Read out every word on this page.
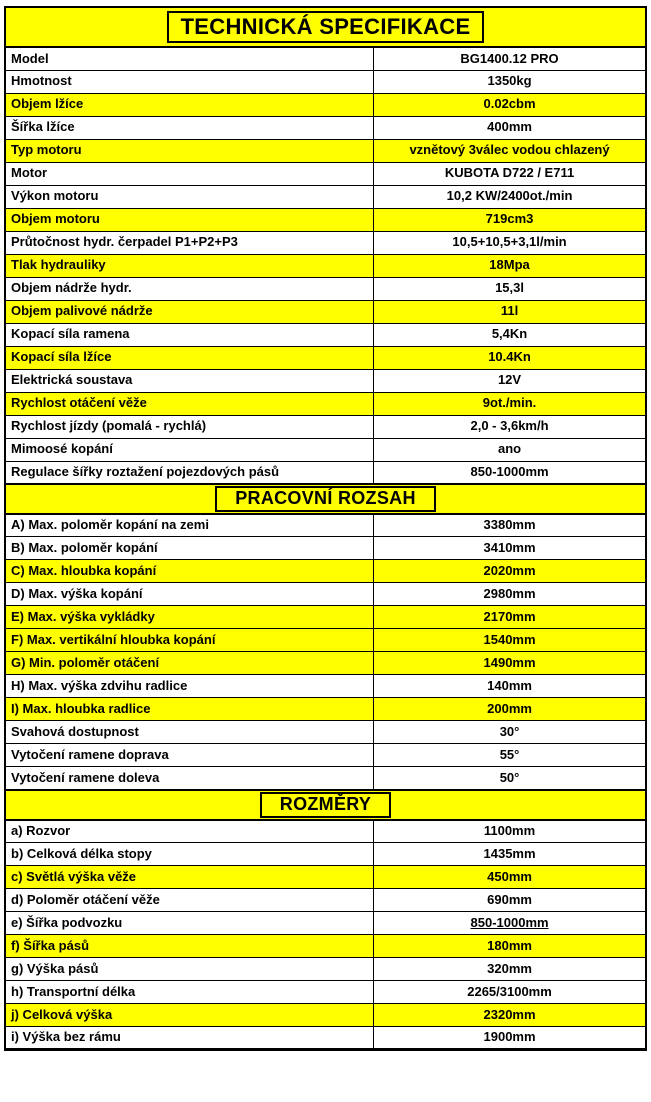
TECHNICKÁ SPECIFIKACE	
Model	BG1400.12 PRO
Hmotnost	1350kg
Objem lžíce	0.02cbm
Šířka lžíce	400mm
Typ motoru	vznětový 3válec vodou chlazený
Motor	KUBOTA D722 / E711
Výkon motoru	10,2 KW/2400ot./min
Objem motoru	719cm3
Průtočnost hydr. čerpadel P1+P2+P3	10,5+10,5+3,1l/min
Tlak hydrauliky	18Mpa
Objem nádrže hydr.	15,3l
Objem palivové nádrže	11l
Kopací síla ramena	5,4Kn
Kopací síla lžíce	10.4Kn
Elektrická soustava	12V
Rychlost otáčení věže	9ot./min.
Rychlost jízdy (pomalá - rychlá)	2,0 - 3,6km/h
Mimoosé kopání	ano
Regulace šířky roztažení pojezdových pásů	850-1000mm
PRACOVNÍ ROZSAH	
A) Max. poloměr kopání na zemi	3380mm
B) Max. poloměr kopání	3410mm
C) Max. hloubka kopání	2020mm
D) Max. výška kopání	2980mm
E) Max. výška vykládky	2170mm
F) Max. vertikální hloubka kopání	1540mm
G) Min. poloměr otáčení	1490mm
H) Max. výška zdvihu radlice	140mm
I) Max. hloubka radlice	200mm
Svahová dostupnost	30°
Vytočení ramene doprava	55°
Vytočení ramene doleva	50°
ROZMĚRY	
a) Rozvor	1100mm
b) Celková délka stopy	1435mm
c) Světlá výška věže	450mm
d) Poloměr otáčení věže	690mm
e) Šířka podvozku	850-1000mm
f) Šířka pásů	180mm
g) Výška pásů	320mm
h) Transportní délka	2265/3100mm
j) Celková výška	2320mm
i) Výška bez rámu	1900mm
